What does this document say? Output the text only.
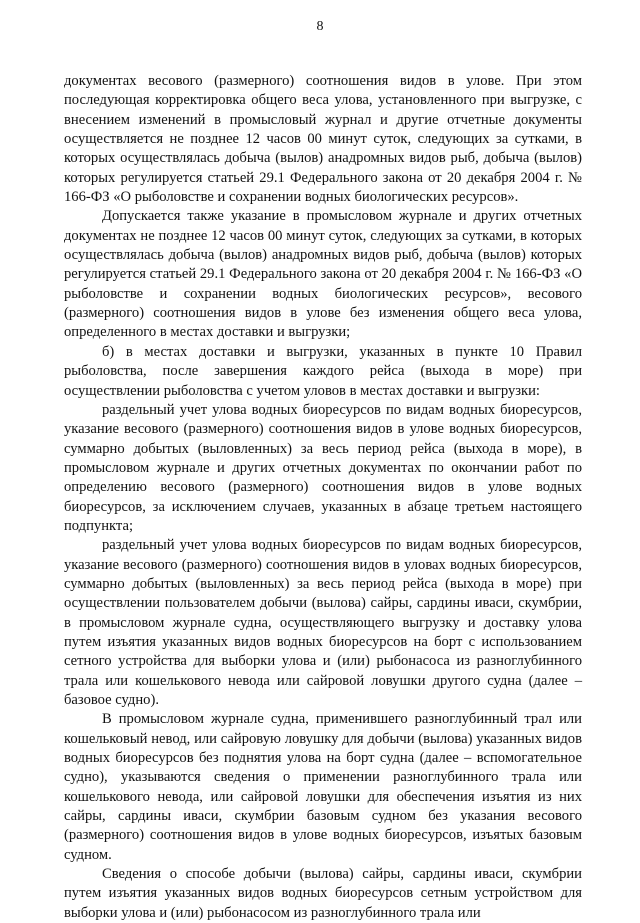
8

документах весового (размерного) соотношения видов в улове. При этом последующая корректировка общего веса улова, установленного при выгрузке, с внесением изменений в промысловый журнал и другие отчетные документы осуществляется не позднее 12 часов 00 минут суток, следующих за сутками, в которых осуществлялась добыча (вылов) анадромных видов рыб, добыча (вылов) которых регулируется статьей 29.1 Федерального закона от 20 декабря 2004 г. № 166-ФЗ «О рыболовстве и сохранении водных биологических ресурсов».

Допускается также указание в промысловом журнале и других отчетных документах не позднее 12 часов 00 минут суток, следующих за сутками, в которых осуществлялась добыча (вылов) анадромных видов рыб, добыча (вылов) которых регулируется статьей 29.1 Федерального закона от 20 декабря 2004 г. № 166-ФЗ «О рыболовстве и сохранении водных биологических ресурсов», весового (размерного) соотношения видов в улове без изменения общего веса улова, определенного в местах доставки и выгрузки;

б) в местах доставки и выгрузки, указанных в пункте 10 Правил рыболовства, после завершения каждого рейса (выхода в море) при осуществлении рыболовства с учетом уловов в местах доставки и выгрузки:

раздельный учет улова водных биоресурсов по видам водных биоресурсов, указание весового (размерного) соотношения видов в улове водных биоресурсов, суммарно добытых (выловленных) за весь период рейса (выхода в море), в промысловом журнале и других отчетных документах по окончании работ по определению весового (размерного) соотношения видов в улове водных биоресурсов, за исключением случаев, указанных в абзаце третьем настоящего подпункта;

раздельный учет улова водных биоресурсов по видам водных биоресурсов, указание весового (размерного) соотношения видов в уловах водных биоресурсов, суммарно добытых (выловленных) за весь период рейса (выхода в море) при осуществлении пользователем добычи (вылова) сайры, сардины иваси, скумбрии, в промысловом журнале судна, осуществляющего выгрузку и доставку улова путем изъятия указанных видов водных биоресурсов на борт с использованием сетного устройства для выборки улова и (или) рыбонасоса из разноглубинного трала или кошелькового невода или сайровой ловушки другого судна (далее – базовое судно).

В промысловом журнале судна, применившего разноглубинный трал или кошельковый невод, или сайровую ловушку для добычи (вылова) указанных видов водных биоресурсов без поднятия улова на борт судна (далее – вспомогательное судно), указываются сведения о применении разноглубинного трала или кошелькового невода, или сайровой ловушки для обеспечения изъятия из них сайры, сардины иваси, скумбрии базовым судном без указания весового (размерного) соотношения видов в улове водных биоресурсов, изъятых базовым судном.

Сведения о способе добычи (вылова) сайры, сардины иваси, скумбрии путем изъятия указанных видов водных биоресурсов сетным устройством для выборки улова и (или) рыбонасосом из разноглубинного трала или
